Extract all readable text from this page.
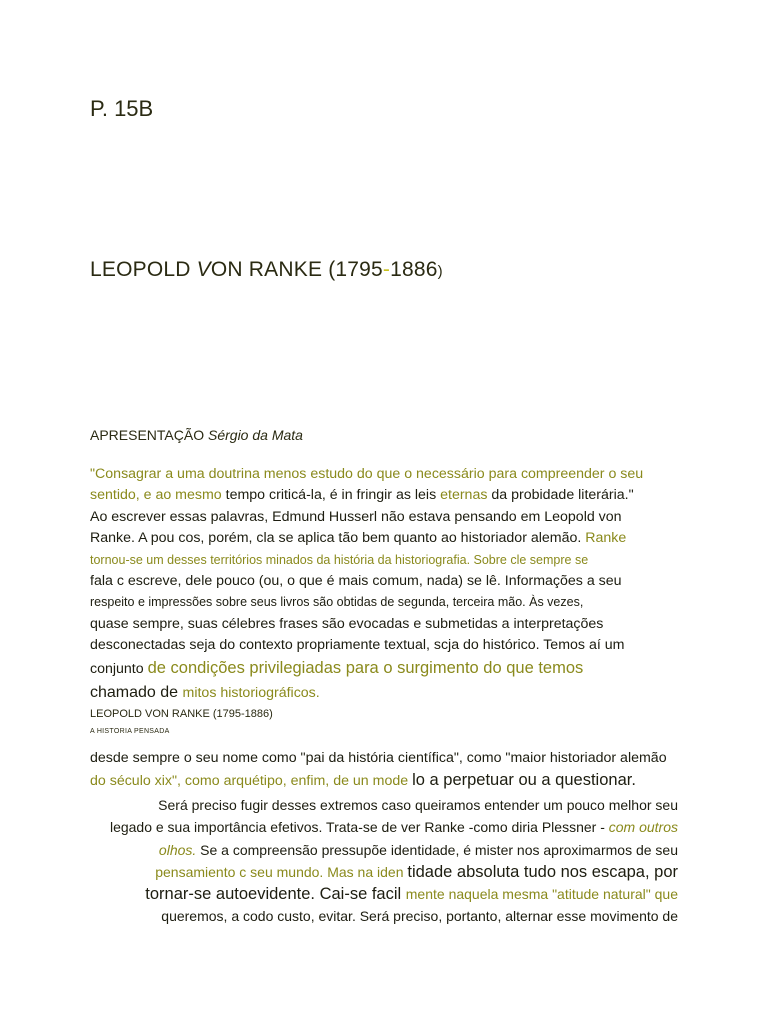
P. 15B
LEOPOLD VON RANKE (1795-1886)
APRESENTAÇÃO Sérgio da Mata
"Consagrar a uma doutrina menos estudo do que o necessário para compreender o seu
sentido, e ao mesmo tempo criticá-la, é in fringir as leis eternas da probidade literária."
Ao escrever essas palavras, Edmund Husserl não estava pensando em Leopold von
Ranke. A pou cos, porém, cla se aplica tão bem quanto ao historiador alemão. Ranke
tornou-se um desses territórios minados da história da historiografia. Sobre cle sempre se
fala c escreve, dele pouco (ou, o que é mais comum, nada) se lê. Informações a seu
respeito e impressões sobre seus livros são obtidas de segunda, terceira mão. Às vezes,
quase sempre, suas célebres frases são evocadas e submetidas a interpretações
desconectadas seja do contexto propriamente textual, scja do histórico. Temos aí um
conjunto de condições privilegiadas para o surgimento do que temos
chamado de mitos historiográficos.
LEOPOLD VON RANKE (1795-1886)
A HISTORIA PENSADA
desde sempre o seu nome como "pai da história científica", como "maior historiador alemão
do século xix", como arquétipo, enfim, de un mode lo a perpetuar ou a questionar.
Será preciso fugir desses extremos caso queiramos entender um pouco melhor seu
legado e sua importância efetivos. Trata-se de ver Ranke -como diria Plessner - com outros
olhos. Se a compreensão pressupõe identidade, é mister nos aproximarmos de seu
pensamiento c seu mundo. Mas na iden tidade absoluta tudo nos escapa, por
tornar-se autoevidente. Cai-se facil mente naquela mesma "atitude natural" que
queremos, a codo custo, evitar. Será preciso, portanto, alternar esse movimento de
